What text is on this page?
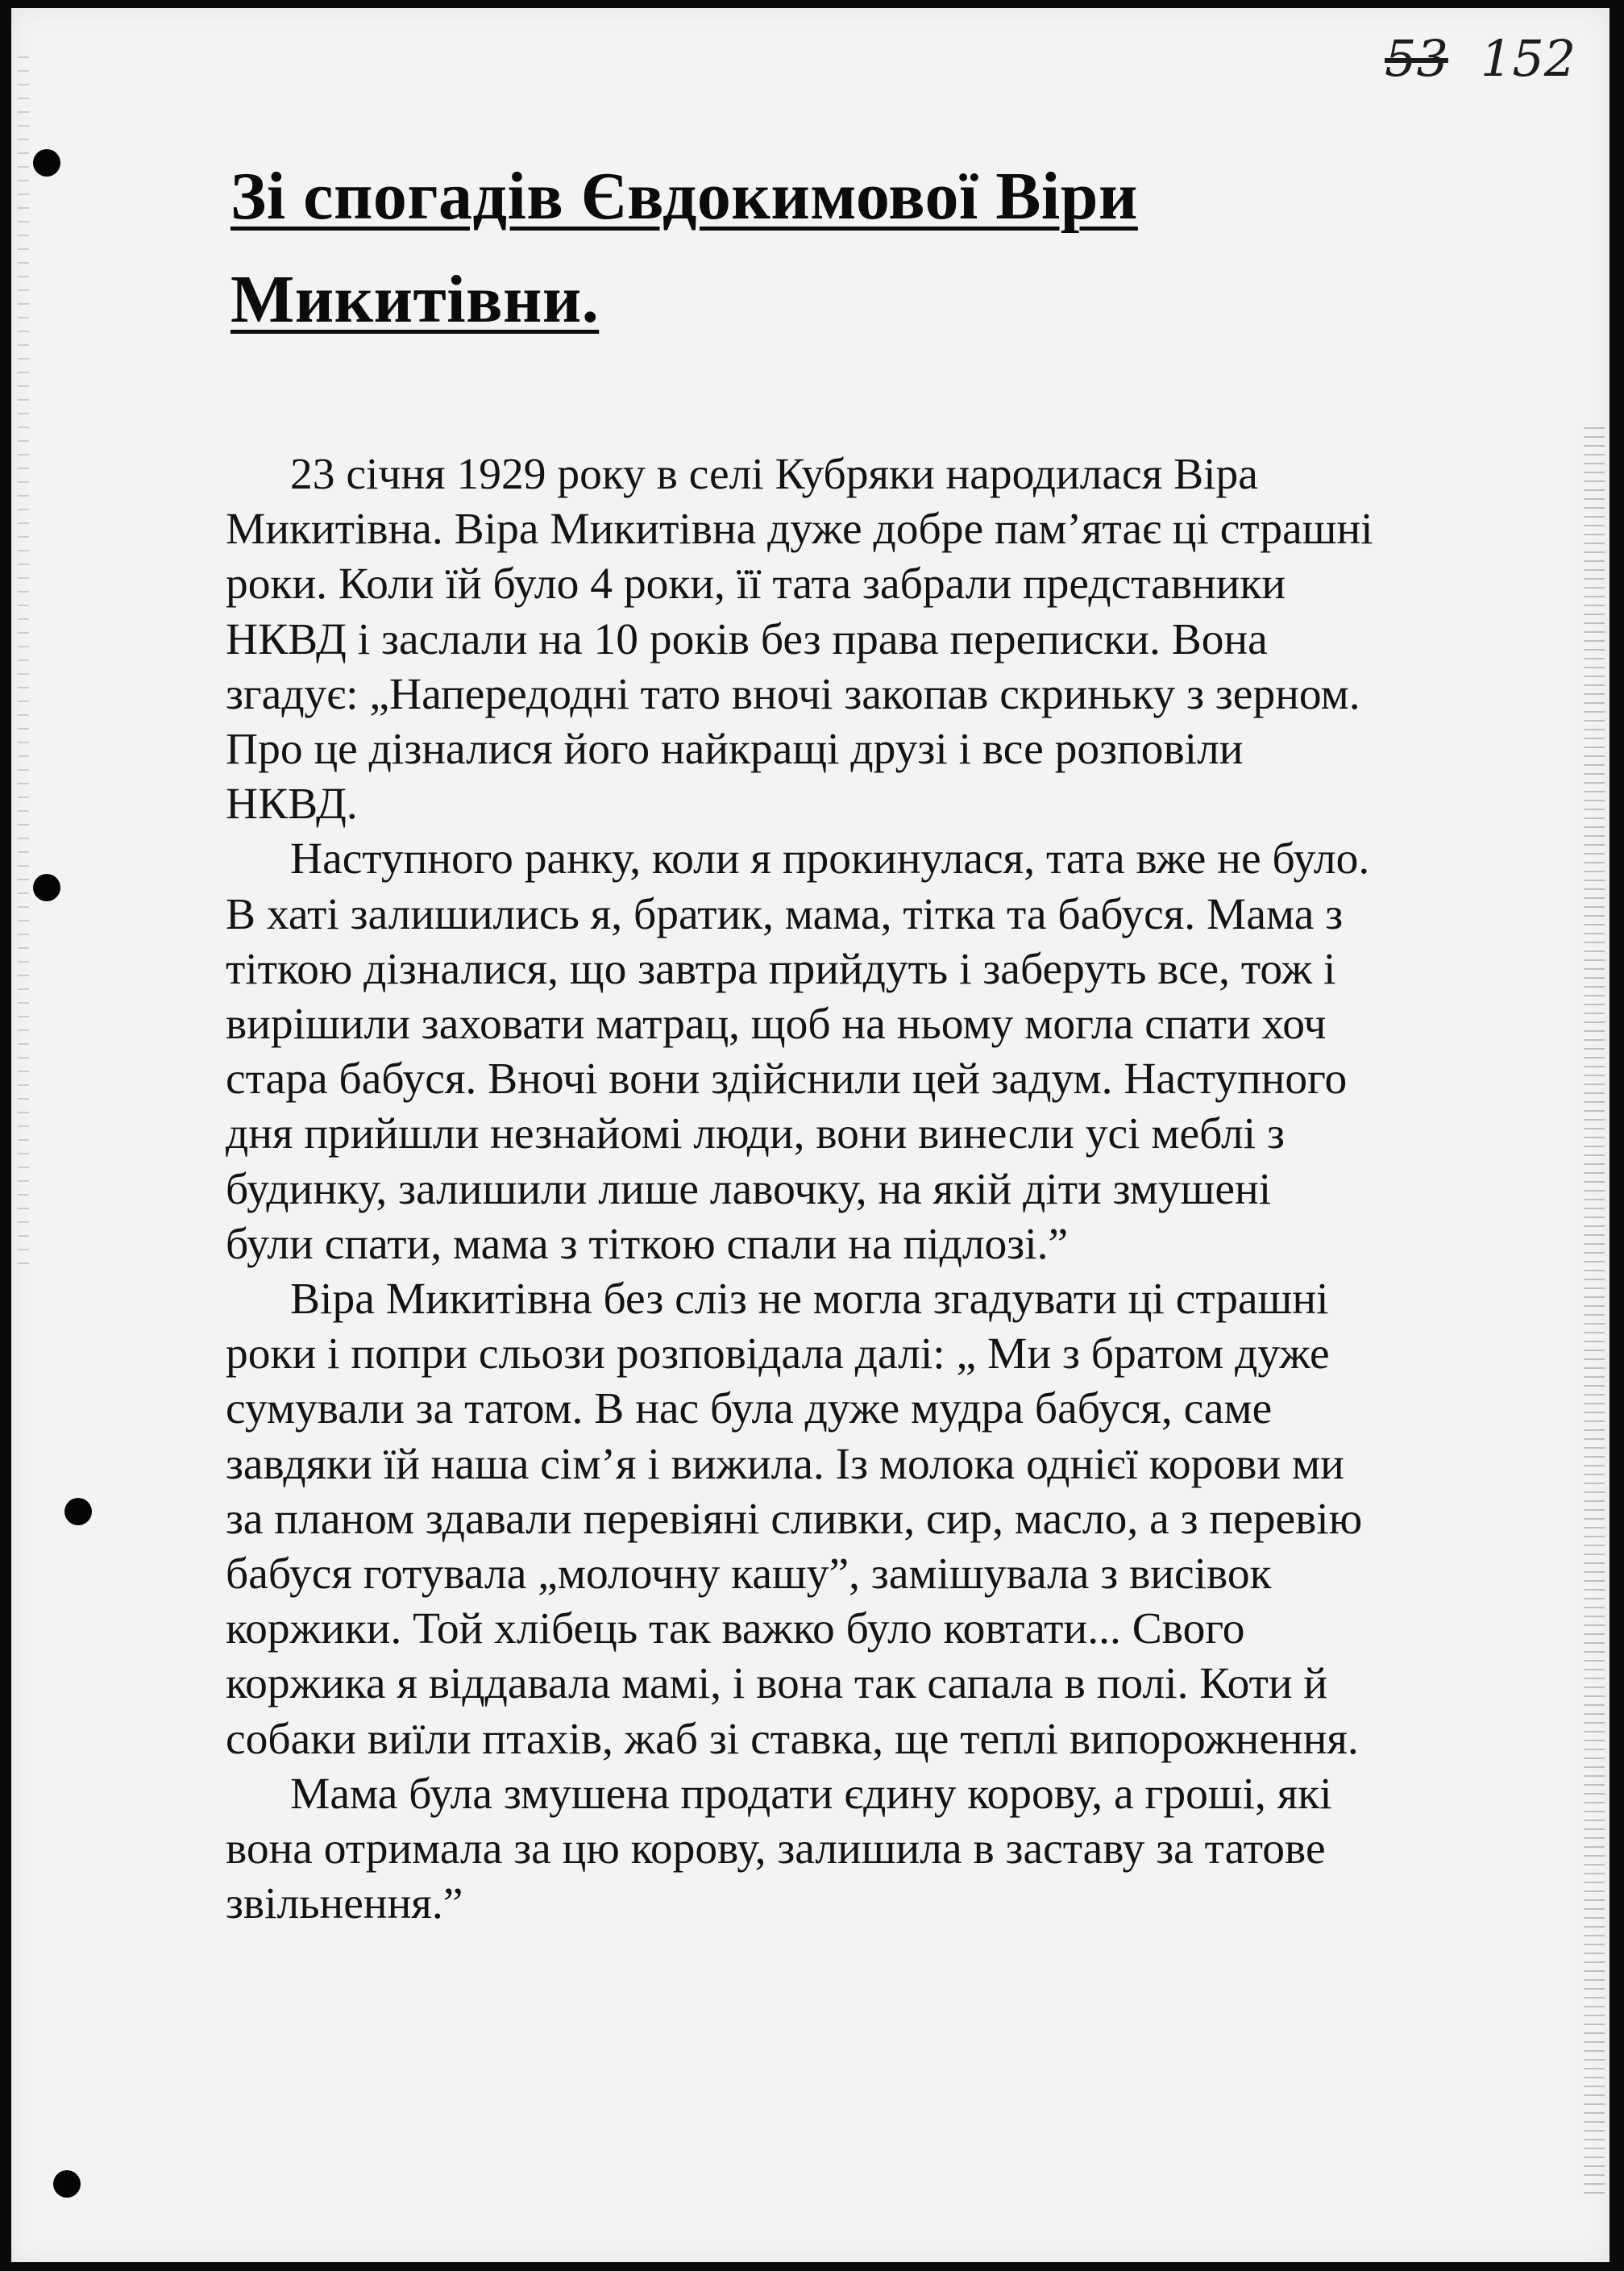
53 152
Зі спогадів Євдокимової Віри Микитівни.

23 січня 1929 року в селі Кубряки народилася Віра
Микитівна. Віра Микитівна дуже добре пам’ятає ці страшні
роки. Коли їй було 4 роки, її тата забрали представники
НКВД і заслали на 10 років без права переписки. Вона
згадує: „Напередодні тато вночі закопав скриньку з зерном.
Про це дізналися його найкращі друзі і все розповіли
НКВД.

Наступного ранку, коли я прокинулася, тата вже не було.
В хаті залишились я, братик, мама, тітка та бабуся. Мама з
тіткою дізналися, що завтра прийдуть і заберуть все, тож і
вирішили заховати матрац, щоб на ньому могла спати хоч
стара бабуся. Вночі вони здійснили цей задум. Наступного
дня прийшли незнайомі люди, вони винесли усі меблі з
будинку, залишили лише лавочку, на якій діти змушені
були спати, мама з тіткою спали на підлозі.”

Віра Микитівна без сліз не могла згадувати ці страшні
роки і попри сльози розповідала далі: „ Ми з братом дуже
сумували за татом. В нас була дуже мудра бабуся, саме
завдяки їй наша сім’я і вижила. Із молока однієї корови ми
за планом здавали перевіяні сливки, сир, масло, а з перевію
бабуся готувала „молочну кашу”, замішувала з висівок
коржики. Той хлібець так важко було ковтати... Свого
коржика я віддавала мамі, і вона так сапала в полі. Коти й
собаки виїли птахів, жаб зі ставка, ще теплі випорожнення.

Мама була змушена продати єдину корову, а гроші, які
вона отримала за цю корову, залишила в заставу за татове
звільнення.”
